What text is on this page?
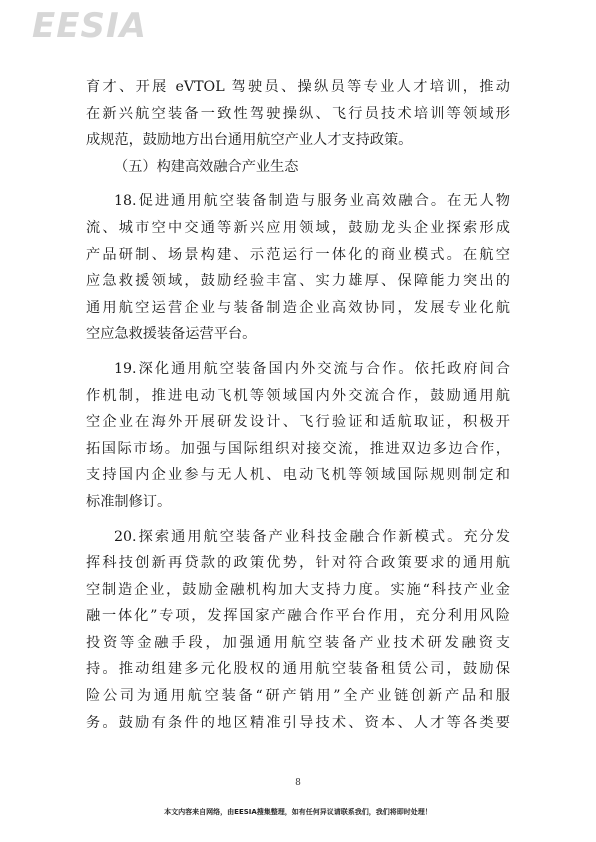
EESIA

育才、开展 eVTOL 驾驶员、操纵员等专业人才培训，推动

在新兴航空装备一致性驾驶操纵、飞行员技术培训等领域形

成规范，鼓励地方出台通用航空产业人才支持政策。

（五）构建高效融合产业生态

18.促进通用航空装备制造与服务业高效融合。在无人物

流、城市空中交通等新兴应用领域，鼓励龙头企业探索形成

产品研制、场景构建、示范运行一体化的商业模式。在航空

应急救援领域，鼓励经验丰富、实力雄厚、保障能力突出的

通用航空运营企业与装备制造企业高效协同，发展专业化航

空应急救援装备运营平台。

19.深化通用航空装备国内外交流与合作。依托政府间合

作机制，推进电动飞机等领域国内外交流合作，鼓励通用航

空企业在海外开展研发设计、飞行验证和适航取证，积极开

拓国际市场。加强与国际组织对接交流，推进双边多边合作，

支持国内企业参与无人机、电动飞机等领域国际规则制定和

标准制修订。

20.探索通用航空装备产业科技金融合作新模式。充分发

挥科技创新再贷款的政策优势，针对符合政策要求的通用航

空制造企业，鼓励金融机构加大支持力度。实施“科技产业金

融一体化”专项，发挥国家产融合作平台作用，充分利用风险

投资等金融手段，加强通用航空装备产业技术研发融资支

持。推动组建多元化股权的通用航空装备租赁公司，鼓励保

险公司为通用航空装备“研产销用”全产业链创新产品和服

务。鼓励有条件的地区精准引导技术、资本、人才等各类要

8
本文内容来自网络，由EESIA搜集整理，如有任何异议请联系我们，我们将即时处理！
